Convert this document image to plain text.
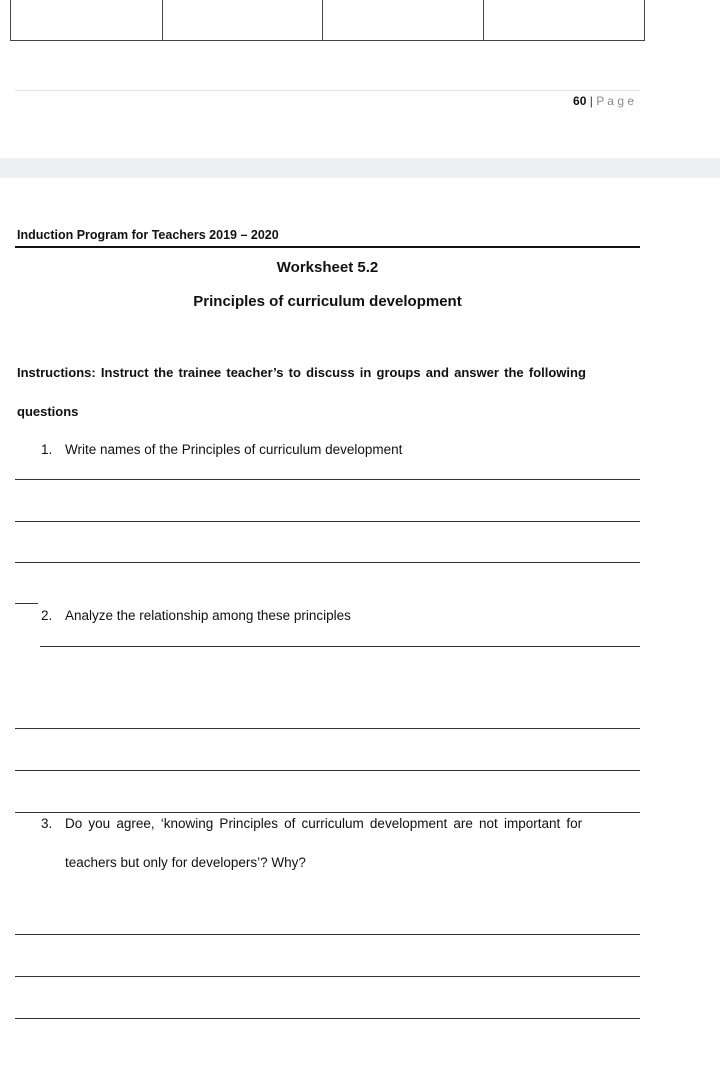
60 | P a g e
Induction Program for Teachers 2019 – 2020
Worksheet 5.2
Principles of curriculum development
Instructions: Instruct the trainee teacher’s to discuss in groups and answer the following
questions
1. Write names of the Principles of curriculum development
2. Analyze the relationship among these principles
3. Do you agree, ‘knowing Principles of curriculum development are not important for
teachers but only for developers’? Why?
